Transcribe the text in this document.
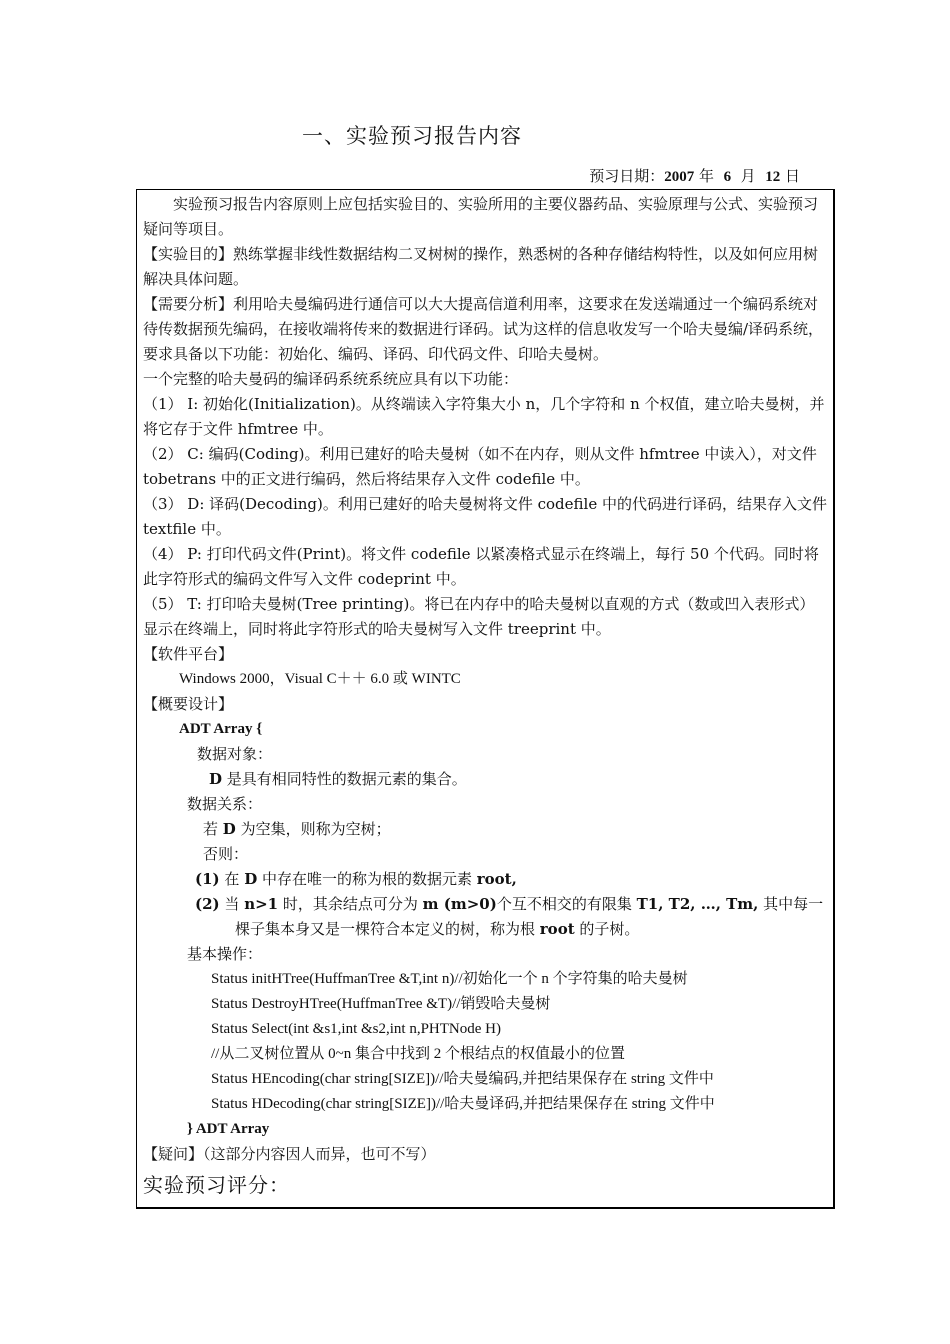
一、实验预习报告内容
预习日期：2007 年 6 月 12 日

实验预习报告内容原则上应包括实验目的、实验所用的主要仪器药品、实验原理与公式、实验预习疑问等项目。

【实验目的】熟练掌握非线性数据结构二叉树树的操作，熟悉树的各种存储结构特性，以及如何应用树解决具体问题。

【需要分析】利用哈夫曼编码进行通信可以大大提高信道利用率，这要求在发送端通过一个编码系统对待传数据预先编码，在接收端将传来的数据进行译码。试为这样的信息收发写一个哈夫曼编/译码系统，要求具备以下功能：初始化、编码、译码、印代码文件、印哈夫曼树。

一个完整的哈夫曼码的编译码系统系统应具有以下功能：

（1） I: 初始化(Initialization)。从终端读入字符集大小 n，几个字符和 n 个权值，建立哈夫曼树，并将它存于文件 hfmtree 中。

（2） C: 编码(Coding)。利用已建好的哈夫曼树（如不在内存，则从文件 hfmtree 中读入），对文件 tobetrans 中的正文进行编码，然后将结果存入文件 codefile 中。

（3） D: 译码(Decoding)。利用已建好的哈夫曼树将文件 codefile 中的代码进行译码，结果存入文件 textfile 中。

（4） P: 打印代码文件(Print)。将文件 codefile 以紧凑格式显示在终端上，每行 50 个代码。同时将此字符形式的编码文件写入文件 codeprint 中。

（5） T: 打印哈夫曼树(Tree printing)。将已在内存中的哈夫曼树以直观的方式（数或凹入表形式）显示在终端上，同时将此字符形式的哈夫曼树写入文件 treeprint 中。

【软件平台】

Windows 2000，Visual C＋＋ 6.0 或 WINTC

【概要设计】

ADT Array {

数据对象：

D 是具有相同特性的数据元素的集合。

数据关系：

若 D 为空集，则称为空树；

否则：

(1) 在 D 中存在唯一的称为根的数据元素 root,

(2) 当 n>1 时，其余结点可分为 m (m>0)个互不相交的有限集 T1, T2, …, Tm, 其中每一棵子集本身又是一棵符合本定义的树，称为根 root 的子树。

基本操作：

Status initHTree(HuffmanTree &T,int n)//初始化一个 n 个字符集的哈夫曼树

Status DestroyHTree(HuffmanTree &T)//销毁哈夫曼树

Status Select(int &s1,int &s2,int n,PHTNode H)

//从二叉树位置从 0~n 集合中找到 2 个根结点的权值最小的位置

Status HEncoding(char string[SIZE])//哈夫曼编码,并把结果保存在 string 文件中

Status HDecoding(char string[SIZE])//哈夫曼译码,并把结果保存在 string 文件中

} ADT Array

【疑问】（这部分内容因人而异，也可不写）

实验预习评分：
